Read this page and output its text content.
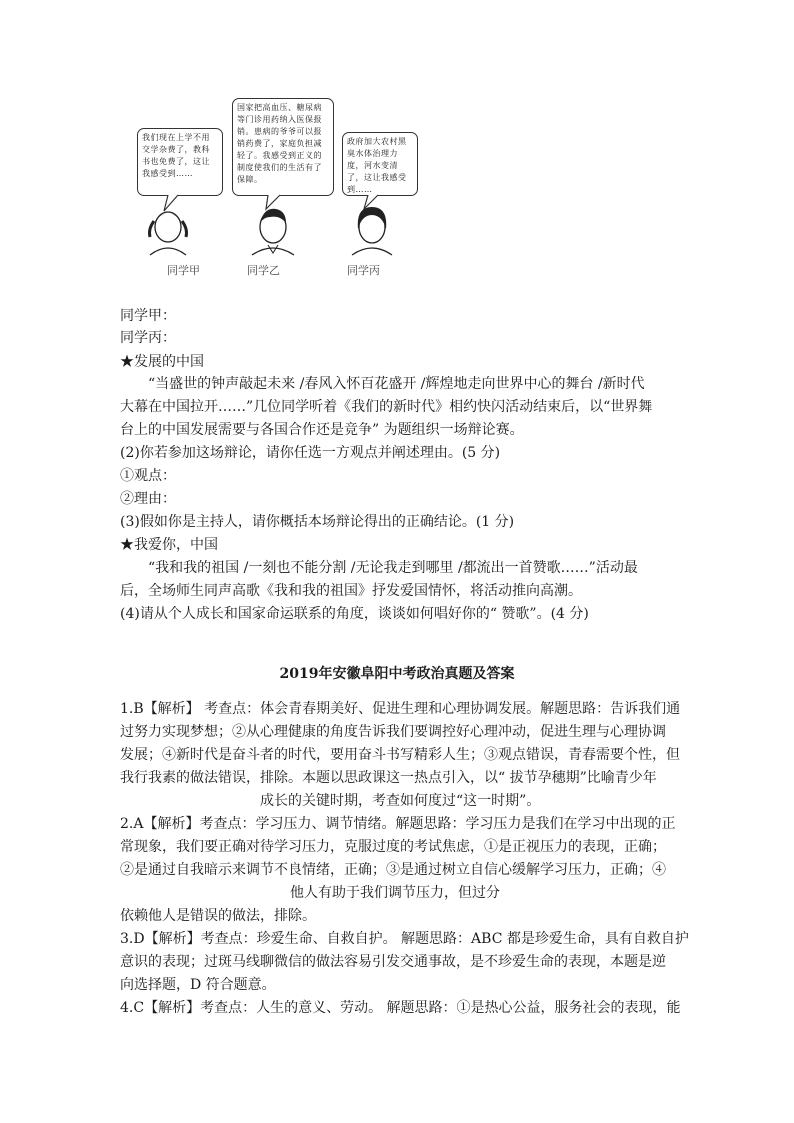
我们现在上学不用交学杂费了，教科书也免费了，这让我感受到……
国家把高血压、糖尿病等门诊用药纳入医保报销。患病的爷爷可以报销药费了，家庭负担减轻了。我感受到正义的制度使我们的生活有了保障。
政府加大农村黑臭水体治理力度，河水变清了，这让我感受到……
同学甲	同学乙	同学丙
同学甲：
同学丙：
★发展的中国
“当盛世的钟声敲起未来 /春风入怀百花盛开 /辉煌地走向世界中心的舞台 /新时代
大幕在中国拉开……”几位同学听着《我们的新时代》相约快闪活动结束后，以“世界舞
台上的中国发展需要与各国合作还是竞争” 为题组织一场辩论赛。
(2)你若参加这场辩论，请你任选一方观点并阐述理由。(5 分)
①观点：
②理由：
(3)假如你是主持人，请你概括本场辩论得出的正确结论。(1 分)
★我爱你，中国
“我和我的祖国 /一刻也不能分割 /无论我走到哪里 /都流出一首赞歌……”活动最
后，全场师生同声高歌《我和我的祖国》抒发爱国情怀，将活动推向高潮。
(4)请从个人成长和国家命运联系的角度，谈谈如何唱好你的“ 赞歌”。(4 分)
2019年安徽阜阳中考政治真题及答案
1.B【解析】 考查点：体会青春期美好、促进生理和心理协调发展。解题思路：告诉我们通
过努力实现梦想；②从心理健康的角度告诉我们要调控好心理冲动，促进生理与心理协调
发展；④新时代是奋斗者的时代，要用奋斗书写精彩人生；③观点错误，青春需要个性，但
我行我素的做法错误，排除。本题以思政课这一热点引入，以“ 拔节孕穗期”比喻青少年
成长的关键时期，考查如何度过“这一时期”。
2.A【解析】考查点：学习压力、调节情绪。解题思路：学习压力是我们在学习中出现的正
常现象，我们要正确对待学习压力，克服过度的考试焦虑，①是正视压力的表现，正确；
②是通过自我暗示来调节不良情绪，正确；③是通过树立自信心缓解学习压力，正确；④
他人有助于我们调节压力，但过分
依赖他人是错误的做法，排除。
3.D【解析】考查点：珍爱生命、自救自护。 解题思路：ABC 都是珍爱生命，具有自救自护
意识的表现；过斑马线聊微信的做法容易引发交通事故，是不珍爱生命的表现，本题是逆
向选择题，D 符合题意。
4.C【解析】考查点：人生的意义、劳动。 解题思路：①是热心公益，服务社会的表现，能
